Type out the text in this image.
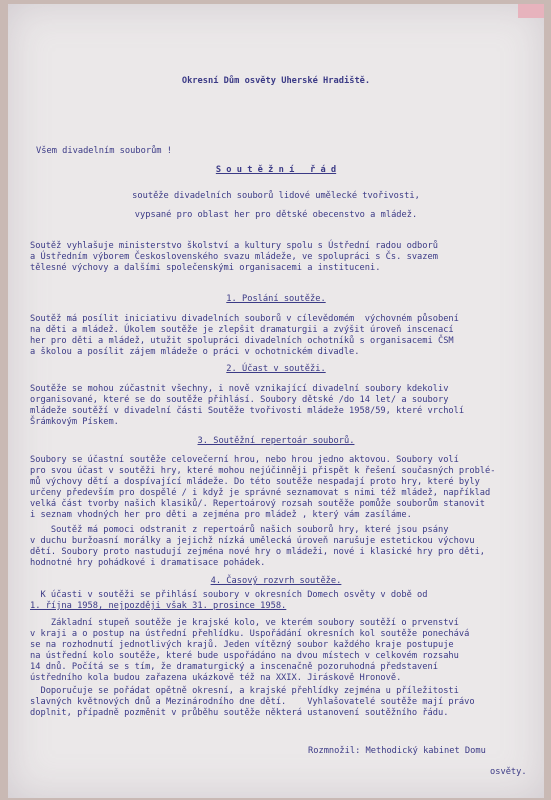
Okresní Dům osvěty Uherské Hradiště.
Všem divadelním souborům !
S o u t ě ž n í   ř á d
soutěže divadelních souborů lidové umělecké tvořivosti,
vypsané pro oblast her pro dětské obecenstvo a mládež.
Soutěž vyhlašuje ministerstvo školství a kultury spolu s Ústřední radou odborů
a Ústředním výborem Československého svazu mládeže, ve spolupráci s Čs. svazem
tělesné výchovy a dalšími společenskými organisacemi a instituceni.
1. Poslání soutěže.
Soutěž má posílit iniciativu divadelních souborů v cílevědomém  výchovném působení
na děti a mládež. Úkolem soutěže je zlepšit dramaturgii a zvýšit úroveň inscenací
her pro děti a mládež, utužit spolupráci divadelních ochotníků s organisacemi ČSM
a školou a posílit zájem mládeže o práci v ochotnickém divadle.
2. Účast v soutěži.
Soutěže se mohou zúčastnit všechny, i nově vznikající divadelní soubory kdekoliv
organisované, které se do soutěže přihlásí. Soubory dětské /do 14 let/ a soubory
mládeže soutěží v divadelní části Soutěže tvořivosti mládeže 1958/59, které vrcholí
Šrámkovým Pískem.
3. Soutěžní repertoár souborů.
Soubory se účastní soutěže celovečerní hrou, nebo hrou jedno aktovou. Soubory volí
pro svou účast v soutěži hry, které mohou nejúčinněji přispět k řešení současných problé-
mů výchovy dětí a dospívající mládeže. Do této soutěže nespadají proto hry, které byly
určeny především pro dospělé / i když je správné seznamovat s nimi též mládež, například
velká část tvorby našich klasiků/. Repertoárový rozsah soutěže pomůže souborům stanovit
i seznam vhodných her pro děti a zejména pro mládež , který vám zasíláme.
Soutěž má pomoci odstranit z repertoárů našich souborů hry, které jsou psány
v duchu buržoasní morálky a jejichž nízká umělecká úroveň narušuje estetickou výchovu
dětí. Soubory proto nastudují zejména nové hry o mládeži, nové i klasické hry pro děti,
hodnotné hry pohádkové i dramatisace pohádek.
4. Časový rozvrh soutěže.
K účasti v soutěži se přihlásí soubory v okresních Domech osvěty v době od
1. října 1958, nejpozději však 31. prosince 1958.
Základní stupeň soutěže je krajské kolo, ve kterém soubory soutěží o prvenství
v kraji a o postup na ústřední přehlídku. Uspořádání okresních kol soutěže ponechává
se na rozhodnutí jednotlivých krajů. Jeden vítězný soubor každého kraje postupuje
na ústřední kolo soutěže, které bude uspořádáno na dvou místech v celkovém rozsahu
14 dnů. Počítá se s tím, že dramaturgický a inscenačně pozoruhodná představení
ústředního kola budou zařazena ukázkově též na XXIX. Jiráskově Hronově.
Doporučuje se pořádat opětně okresní, a krajské přehlídky zejména u příležitosti
slavných květnových dnů a Mezinárodního dne dětí.    Vyhlašovatelé soutěže mají právo
doplnit, případně pozměnit v průběhu soutěže některá ustanovení soutěžního řádu.
Rozmnožil: Methodický kabinet Domu
osvěty.
